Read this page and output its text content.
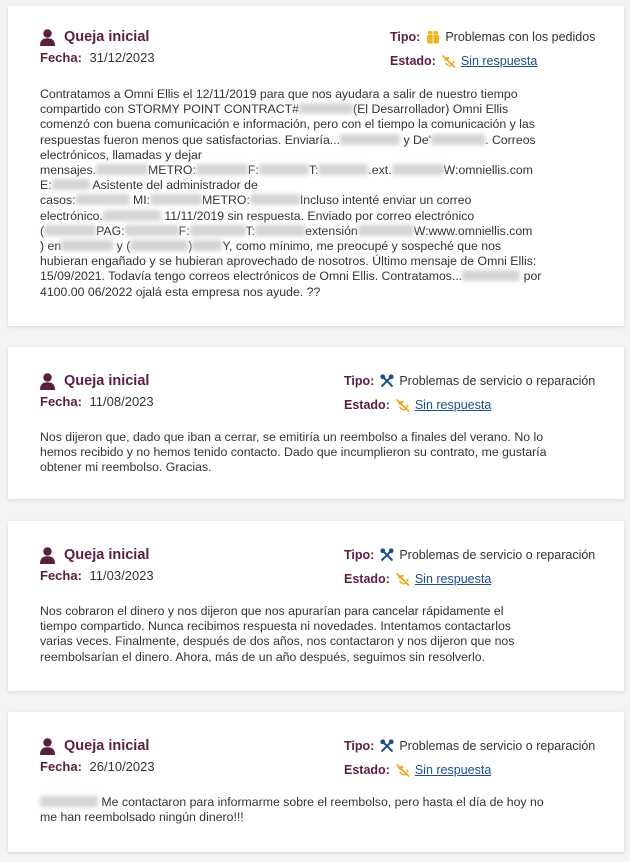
Queja inicial
Fecha: 31/12/2023
Tipo: Problemas con los pedidos
Estado: Sin respuesta
Contratamos a Omni Ellis el 12/11/2019 para que nos ayudara a salir de nuestro tiempo
compartido con STORMY POINT CONTRACT#	(El Desarrollador) Omni Ellis
comenzó con buena comunicación e información, pero con el tiempo la comunicación y las
respuestas fueron menos que satisfactorias. Enviaría...	y De'	. Correos
electrónicos, llamadas y dejar
mensajes.	METRO:	F:	T:	.ext.	W:omniellis.com
E:	Asistente del administrador de
casos:	MI:	METRO:	Incluso intenté enviar un correo
electrónico.	11/11/2019 sin respuesta. Enviado por correo electrónico
(	PAG:	F:	T:	extensión	W:www.omniellis.com
) en	y (	) Y, como mínimo, me preocupé y sospeché que nos
hubieran engañado y se hubieran aprovechado de nosotros. Último mensaje de Omni Ellis:
15/09/2021. Todavía tengo correos electrónicos de Omni Ellis. Contratamos...	por
4100.00 06/2022 ojalá esta empresa nos ayude. ??
Queja inicial
Fecha: 11/08/2023
Tipo: Problemas de servicio o reparación
Estado: Sin respuesta
Nos dijeron que, dado que iban a cerrar, se emitiría un reembolso a finales del verano. No lo hemos recibido y no hemos tenido contacto. Dado que incumplieron su contrato, me gustaría obtener mi reembolso. Gracias.
Queja inicial
Fecha: 11/03/2023
Tipo: Problemas de servicio o reparación
Estado: Sin respuesta
Nos cobraron el dinero y nos dijeron que nos apurarían para cancelar rápidamente el tiempo compartido. Nunca recibimos respuesta ni novedades. Intentamos contactarlos varias veces. Finalmente, después de dos años, nos contactaron y nos dijeron que nos reembolsarían el dinero. Ahora, más de un año después, seguimos sin resolverlo.
Queja inicial
Fecha: 26/10/2023
Tipo: Problemas de servicio o reparación
Estado: Sin respuesta
Me contactaron para informarme sobre el reembolso, pero hasta el día de hoy no me han reembolsado ningún dinero!!!
